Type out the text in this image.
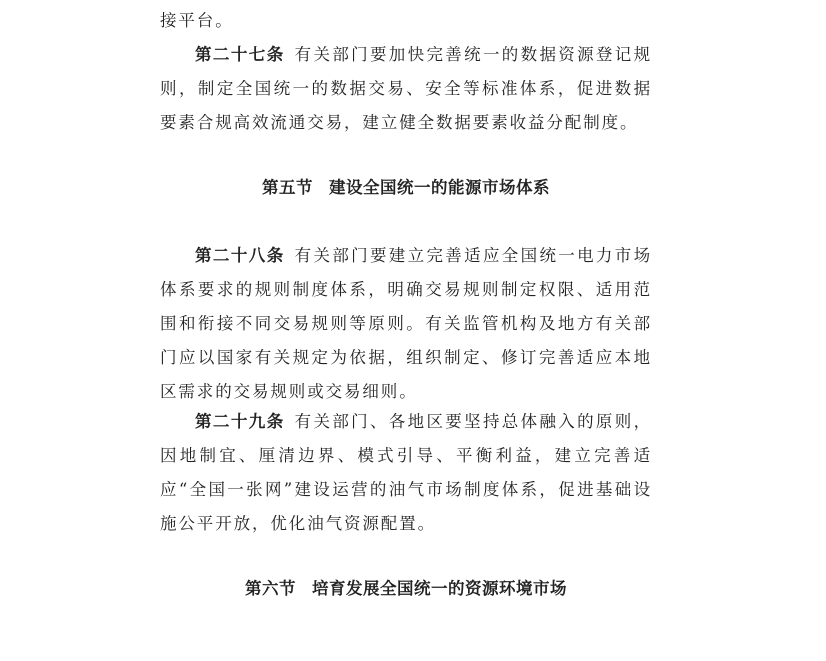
接平台。

第二十七条 有关部门要加快完善统一的数据资源登记规则，制定全国统一的数据交易、安全等标准体系，促进数据要素合规高效流通交易，建立健全数据要素收益分配制度。

第五节 建设全国统一的能源市场体系

第二十八条 有关部门要建立完善适应全国统一电力市场体系要求的规则制度体系，明确交易规则制定权限、适用范围和衔接不同交易规则等原则。有关监管机构及地方有关部门应以国家有关规定为依据，组织制定、修订完善适应本地区需求的交易规则或交易细则。

第二十九条 有关部门、各地区要坚持总体融入的原则，因地制宜、厘清边界、模式引导、平衡利益，建立完善适应“全国一张网”建设运营的油气市场制度体系，促进基础设施公平开放，优化油气资源配置。

第六节 培育发展全国统一的资源环境市场
